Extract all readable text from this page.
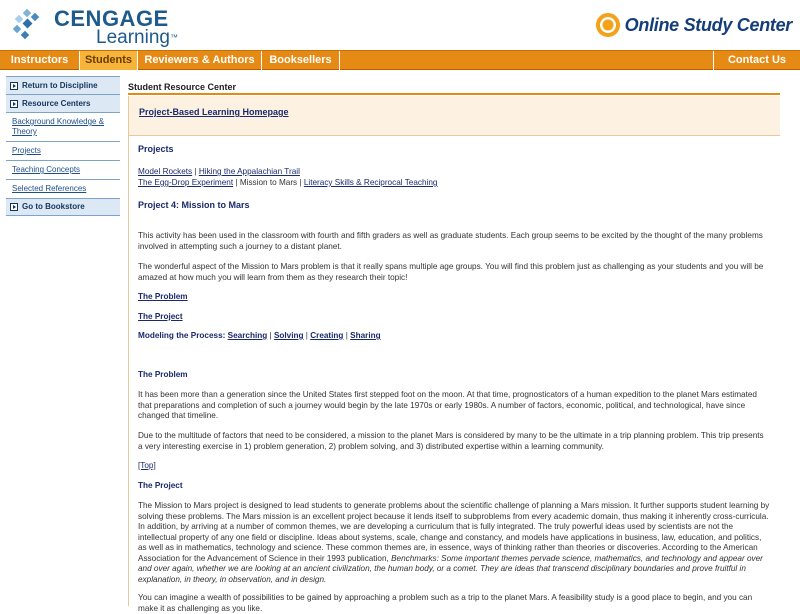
CENGAGE
Learning™
Online Study Center
Instructors	Students	Reviewers & Authors	Booksellers	Contact Us
Return to Discipline
Resource Centers
Background Knowledge & Theory
Projects
Teaching Concepts
Selected References
Go to Bookstore
Student Resource Center
Project-Based Learning Homepage
Projects
Model Rockets | Hiking the Appalachian Trail
The Egg-Drop Experiment | Mission to Mars | Literacy Skills & Reciprocal Teaching
Project 4: Mission to Mars
This activity has been used in the classroom with fourth and fifth graders as well as graduate students. Each group seems to be excited by the thought of the many problems involved in attempting such a journey to a distant planet.
The wonderful aspect of the Mission to Mars problem is that it really spans multiple age groups. You will find this problem just as challenging as your students and you will be amazed at how much you will learn from them as they research their topic!
The Problem
The Project
Modeling the Process: Searching | Solving | Creating | Sharing
The Problem
It has been more than a generation since the United States first stepped foot on the moon. At that time, prognosticators of a human expedition to the planet Mars estimated that preparations and completion of such a journey would begin by the late 1970s or early 1980s. A number of factors, economic, political, and technological, have since changed that timeline.
Due to the multitude of factors that need to be considered, a mission to the planet Mars is considered by many to be the ultimate in a trip planning problem. This trip presents a very interesting exercise in 1) problem generation, 2) problem solving, and 3) distributed expertise within a learning community.
[Top]
The Project
The Mission to Mars project is designed to lead students to generate problems about the scientific challenge of planning a Mars mission. It further supports student learning by solving these problems. The Mars mission is an excellent project because it lends itself to subproblems from every academic domain, thus making it inherently cross-curricula. In addition, by arriving at a number of common themes, we are developing a curriculum that is fully integrated. The truly powerful ideas used by scientists are not the intellectual property of any one field or discipline. Ideas about systems, scale, change and constancy, and models have applications in business, law, education, and politics, as well as in mathematics, technology and science. These common themes are, in essence, ways of thinking rather than theories or discoveries. According to the American Association for the Advancement of Science in their 1993 publication, Benchmarks: Some important themes pervade science, mathematics, and technology and appear over and over again, whether we are looking at an ancient civilization, the human body, or a comet. They are ideas that transcend disciplinary boundaries and prove fruitful in explanation, in theory, in observation, and in design.
You can imagine a wealth of possibilities to be gained by approaching a problem such as a trip to the planet Mars. A feasibility study is a good place to begin, and you can make it as challenging as you like.
